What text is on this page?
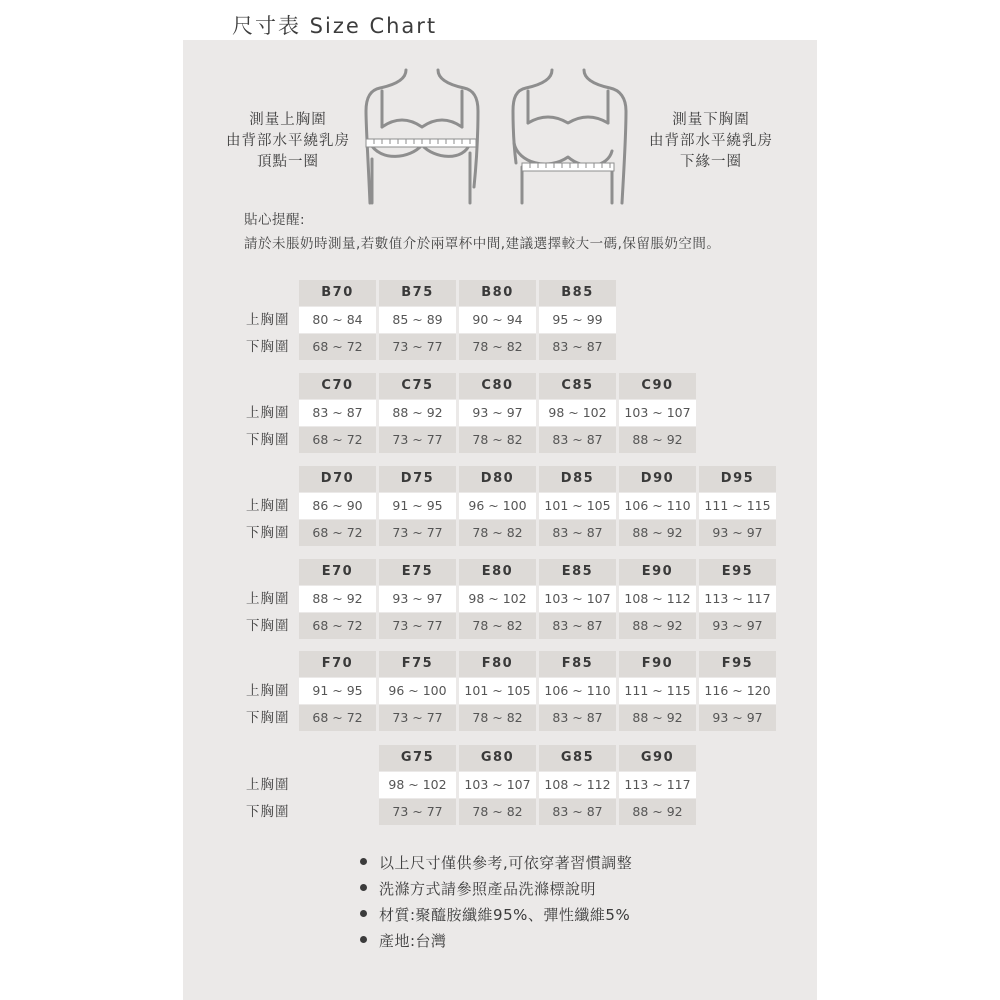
尺寸表 Size Chart
測量上胸圍
由背部水平繞乳房
頂點一圈
測量下胸圍
由背部水平繞乳房
下緣一圈
貼心提醒:
請於未脹奶時測量,若數值介於兩罩杯中間,建議選擇較大一碼,保留脹奶空間。
上胸圍
下胸圍
B70	B75	B80	B85
80 ~ 84	85 ~ 89	90 ~ 94	95 ~ 99
68 ~ 72	73 ~ 77	78 ~ 82	83 ~ 87
上胸圍
下胸圍
C70	C75	C80	C85	C90
83 ~ 87	88 ~ 92	93 ~ 97	98 ~ 102	103 ~ 107
68 ~ 72	73 ~ 77	78 ~ 82	83 ~ 87	88 ~ 92
上胸圍
下胸圍
D70	D75	D80	D85	D90	D95
86 ~ 90	91 ~ 95	96 ~ 100	101 ~ 105	106 ~ 110	111 ~ 115
68 ~ 72	73 ~ 77	78 ~ 82	83 ~ 87	88 ~ 92	93 ~ 97
上胸圍
下胸圍
E70	E75	E80	E85	E90	E95
88 ~ 92	93 ~ 97	98 ~ 102	103 ~ 107	108 ~ 112	113 ~ 117
68 ~ 72	73 ~ 77	78 ~ 82	83 ~ 87	88 ~ 92	93 ~ 97
上胸圍
下胸圍
F70	F75	F80	F85	F90	F95
91 ~ 95	96 ~ 100	101 ~ 105	106 ~ 110	111 ~ 115	116 ~ 120
68 ~ 72	73 ~ 77	78 ~ 82	83 ~ 87	88 ~ 92	93 ~ 97
上胸圍
下胸圍
G75	G80	G85	G90
98 ~ 102	103 ~ 107	108 ~ 112	113 ~ 117
73 ~ 77	78 ~ 82	83 ~ 87	88 ~ 92
以上尺寸僅供參考,可依穿著習慣調整
洗滌方式請參照產品洗滌標說明
材質:聚醯胺纖維95%、彈性纖維5%
產地:台灣
